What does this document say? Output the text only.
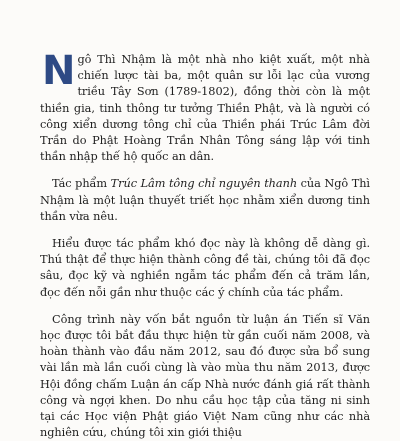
Ngô Thì Nhậm là một nhà nho kiệt xuất, một nhà chiến lược tài ba, một quân sư lỗi lạc của vương triều Tây Sơn (1789-1802), đồng thời còn là một thiền gia, tinh thông tư tưởng Thiền Phật, và là người có công xiển dương tông chỉ của Thiền phái Trúc Lâm đời Trần do Phật Hoàng Trần Nhân Tông sáng lập với tinh thần nhập thế hộ quốc an dân.

Tác phẩm Trúc Lâm tông chỉ nguyên thanh của Ngô Thì Nhậm là một luận thuyết triết học nhằm xiển dương tinh thần vừa nêu.

Hiểu được tác phẩm khó đọc này là không dễ dàng gì. Thú thật để thực hiện thành công đề tài, chúng tôi đã đọc sâu, đọc kỹ và nghiền ngẫm tác phẩm đến cả trăm lần, đọc đến nỗi gần như thuộc các ý chính của tác phẩm.

Công trình này vốn bắt nguồn từ luận án Tiến sĩ Văn học được tôi bắt đầu thực hiện từ gần cuối năm 2008, và hoàn thành vào đầu năm 2012, sau đó được sửa bổ sung vài lần mà lần cuối cùng là vào mùa thu năm 2013, được Hội đồng chấm Luận án cấp Nhà nước đánh giá rất thành công và ngợi khen. Do nhu cầu học tập của tăng ni sinh tại các Học viện Phật giáo Việt Nam cũng như các nhà nghiên cứu, chúng tôi xin giới thiệu
